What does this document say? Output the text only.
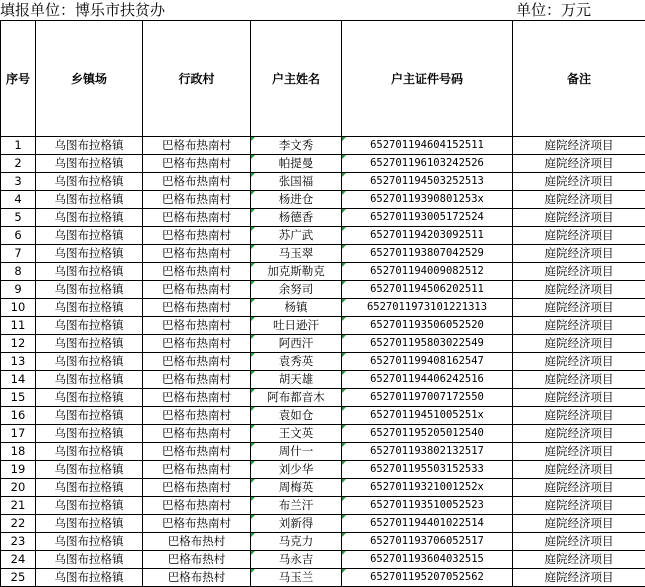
填报单位：博乐市扶贫办	单位：万元
序号	乡镇场	行政村	户主姓名	户主证件号码	备注
1	乌图布拉格镇	巴格布热南村	李文秀	652701194604152511	庭院经济项目
2	乌图布拉格镇	巴格布热南村	帕提曼	652701196103242526	庭院经济项目
3	乌图布拉格镇	巴格布热南村	张国福	652701194503252513	庭院经济项目
4	乌图布拉格镇	巴格布热南村	杨进仓	65270119390801253x	庭院经济项目
5	乌图布拉格镇	巴格布热南村	杨德香	652701193005172524	庭院经济项目
6	乌图布拉格镇	巴格布热南村	苏广武	652701194203092511	庭院经济项目
7	乌图布拉格镇	巴格布热南村	马玉翠	652701193807042529	庭院经济项目
8	乌图布拉格镇	巴格布热南村	加克斯勒克	652701194009082512	庭院经济项目
9	乌图布拉格镇	巴格布热南村	余努司	652701194506202511	庭院经济项目
10	乌图布拉格镇	巴格布热南村	杨镇	6527011973101221313	庭院经济项目
11	乌图布拉格镇	巴格布热南村	吐日逊汗	652701193506052520	庭院经济项目
12	乌图布拉格镇	巴格布热南村	阿西汗	652701195803022549	庭院经济项目
13	乌图布拉格镇	巴格布热南村	袁秀英	652701199408162547	庭院经济项目
14	乌图布拉格镇	巴格布热南村	胡天雄	652701194406242516	庭院经济项目
15	乌图布拉格镇	巴格布热南村	阿布都音木	652701197007172550	庭院经济项目
16	乌图布拉格镇	巴格布热南村	袁如仓	65270119451005251x	庭院经济项目
17	乌图布拉格镇	巴格布热南村	王文英	652701195205012540	庭院经济项目
18	乌图布拉格镇	巴格布热南村	周什一	652701193802132517	庭院经济项目
19	乌图布拉格镇	巴格布热南村	刘少华	652701195503152533	庭院经济项目
20	乌图布拉格镇	巴格布热南村	周梅英	65270119321001252x	庭院经济项目
21	乌图布拉格镇	巴格布热南村	布兰汗	652701193510052523	庭院经济项目
22	乌图布拉格镇	巴格布热南村	刘新得	652701194401022514	庭院经济项目
23	乌图布拉格镇	巴格布热村	马克力	652701193706052517	庭院经济项目
24	乌图布拉格镇	巴格布热村	马永吉	652701193604032515	庭院经济项目
25	乌图布拉格镇	巴格布热村	马玉兰	652701195207052562	庭院经济项目
